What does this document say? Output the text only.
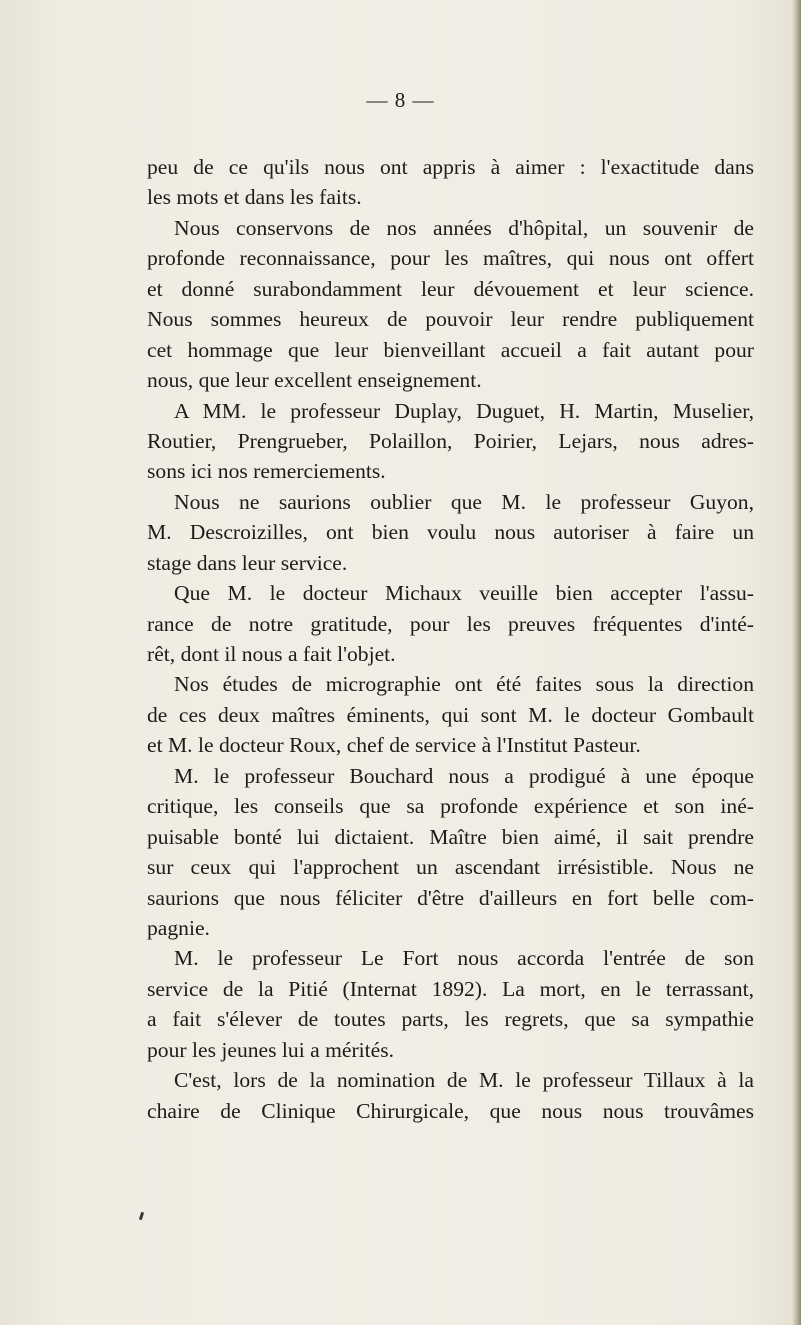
— 8 —
peu de ce qu'ils nous ont appris à aimer : l'exactitude dans
les mots et dans les faits.
Nous conservons de nos années d'hôpital, un souvenir de
profonde reconnaissance, pour les maîtres, qui nous ont offert
et donné surabondamment leur dévouement et leur science.
Nous sommes heureux de pouvoir leur rendre publiquement
cet hommage que leur bienveillant accueil a fait autant pour
nous, que leur excellent enseignement.
A MM. le professeur Duplay, Duguet, H. Martin, Muselier,
Routier, Prengrueber, Polaillon, Poirier, Lejars, nous adres-
sons ici nos remerciements.
Nous ne saurions oublier que M. le professeur Guyon,
M. Descroizilles, ont bien voulu nous autoriser à faire un
stage dans leur service.
Que M. le docteur Michaux veuille bien accepter l'assu-
rance de notre gratitude, pour les preuves fréquentes d'inté-
rêt, dont il nous a fait l'objet.
Nos études de micrographie ont été faites sous la direction
de ces deux maîtres éminents, qui sont M. le docteur Gombault
et M. le docteur Roux, chef de service à l'Institut Pasteur.
M. le professeur Bouchard nous a prodigué à une époque
critique, les conseils que sa profonde expérience et son iné-
puisable bonté lui dictaient. Maître bien aimé, il sait prendre
sur ceux qui l'approchent un ascendant irrésistible. Nous ne
saurions que nous féliciter d'être d'ailleurs en fort belle com-
pagnie.
M. le professeur Le Fort nous accorda l'entrée de son
service de la Pitié (Internat 1892). La mort, en le terrassant,
a fait s'élever de toutes parts, les regrets, que sa sympathie
pour les jeunes lui a mérités.
C'est, lors de la nomination de M. le professeur Tillaux à la
chaire de Clinique Chirurgicale, que nous nous trouvâmes
